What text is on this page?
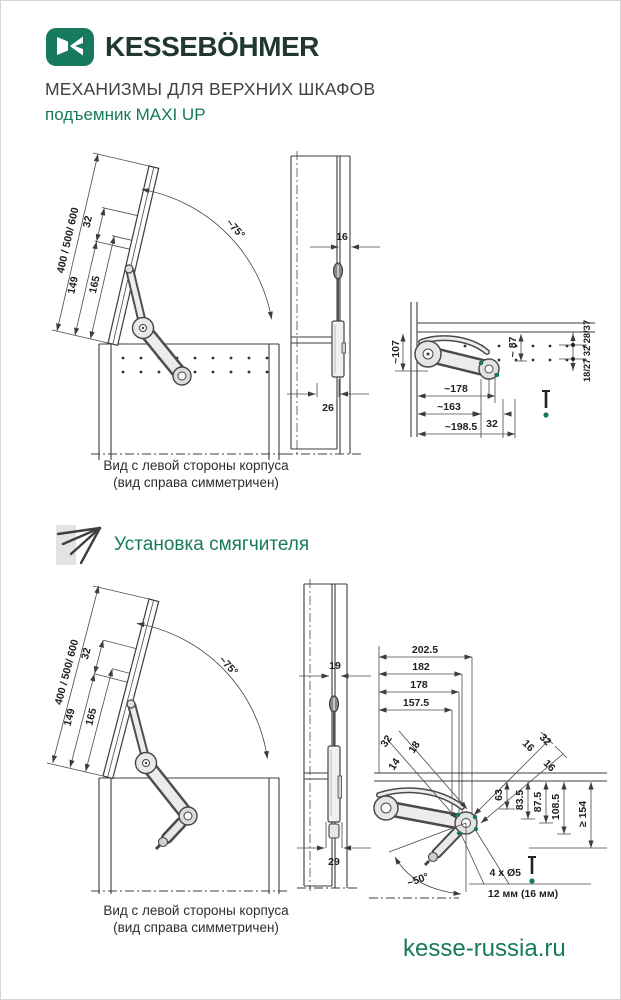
KESSEBÖHMER
МЕХАНИЗМЫ ДЛЯ ВЕРХНИХ ШКАФОВ
подъемник MAXI UP
400 / 500/ 600 32
149 165
~75°	16
26
~107	~ 87	18/27 32 28/37
~178
~163
32
~198.5
Вид с левой стороны корпуса
(вид справа симметричен)
Установка смягчителя
400 / 500/ 600
32
149 165
~75°	19
29
202.5
182
178
157.5
32
14
18	16 32
16
63 83.5 87.5 108.5 ≥ 154
~50°	4 x Ø5
12 мм (16 мм)
Вид с левой стороны корпуса
(вид справа симметричен)
kesse-russia.ru
